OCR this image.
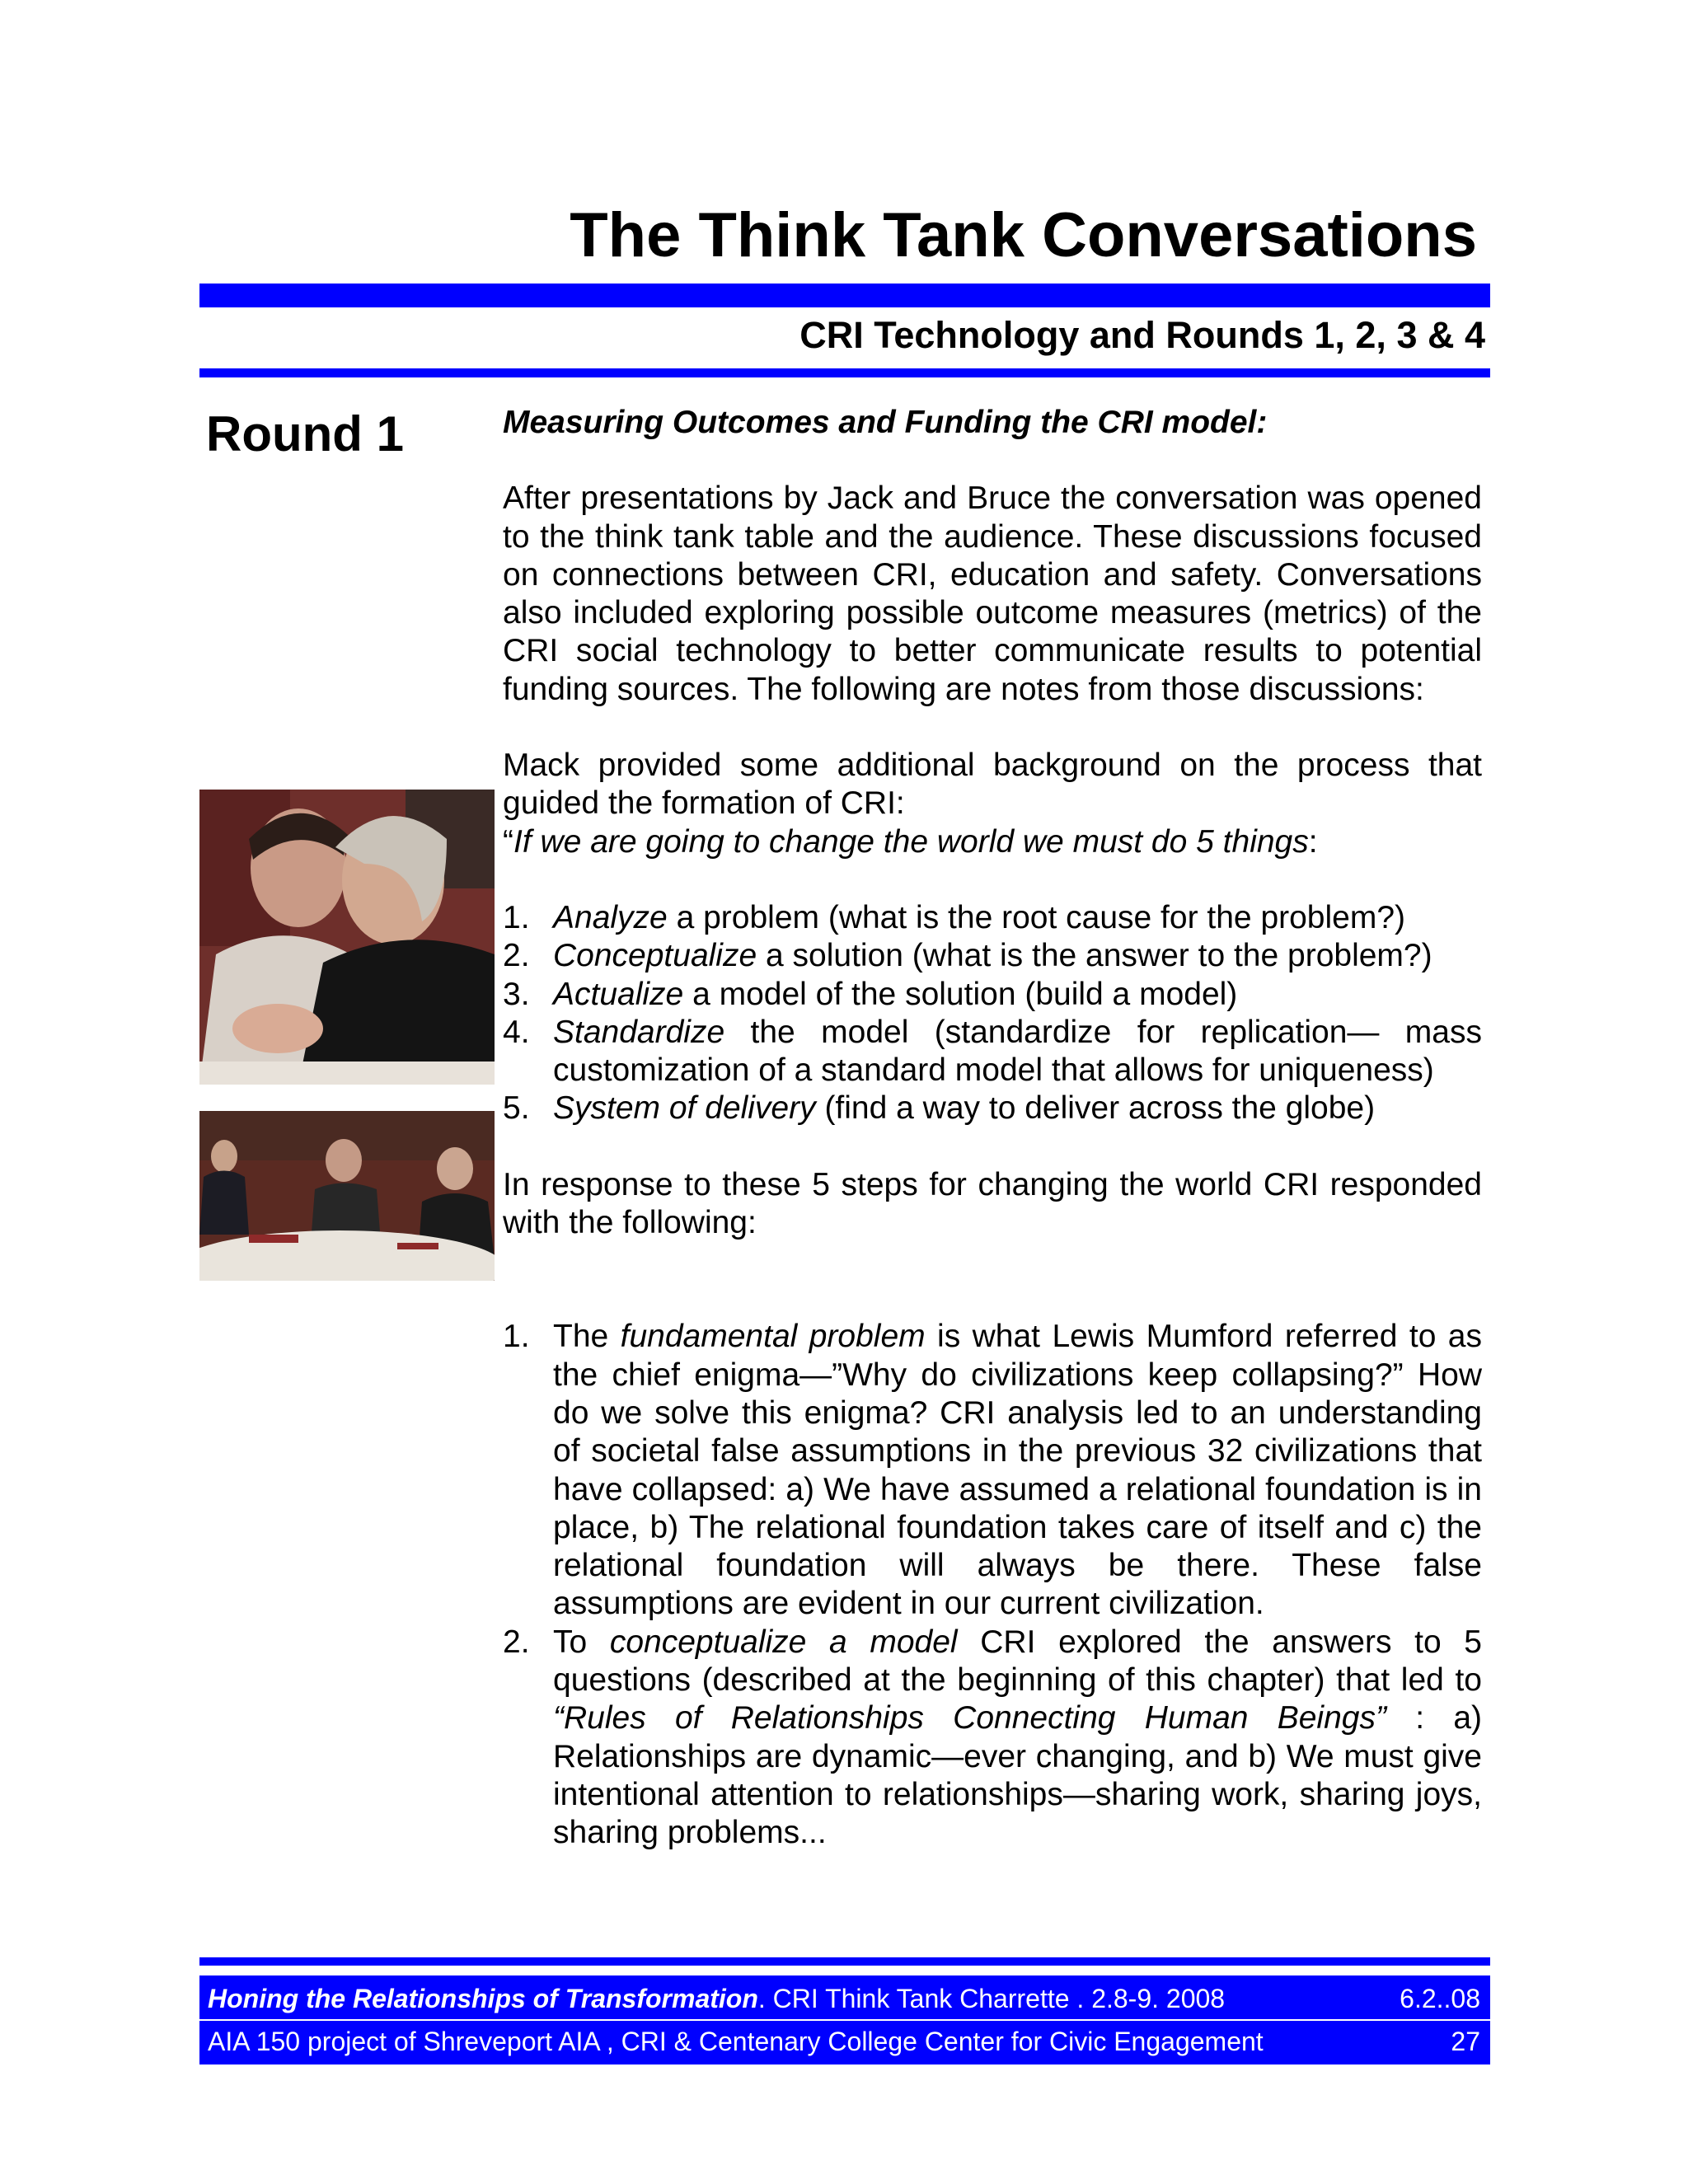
The Think Tank Conversations
CRI Technology and Rounds 1, 2, 3 & 4
Round 1	Measuring Outcomes and Funding the CRI model:

After presentations by Jack and Bruce the conversation was opened to the think tank table and the audience. These discussions focused on connections between CRI, education and safety. Conversations also included exploring possible outcome measures (metrics) of the CRI social technology to better communicate results to potential funding sources. The following are notes from those discussions:

Mack provided some additional background on the process that guided the formation of CRI:

“If we are going to change the world we must do 5 things:

1. Analyze a problem (what is the root cause for the problem?)
2. Conceptualize a solution (what is the answer to the problem?)
3. Actualize a model of the solution (build a model)
4. Standardize the model (standardize for replication— mass customization of a standard model that allows for uniqueness)
5. System of delivery (find a way to deliver across the globe)

In response to these 5 steps for changing the world CRI responded with the following:

1. The fundamental problem is what Lewis Mumford referred to as the chief enigma—”Why do civilizations keep collapsing?” How do we solve this enigma? CRI analysis led to an understanding of societal false assumptions in the previous 32 civilizations that have collapsed: a) We have assumed a relational foundation is in place, b) The relational foundation takes care of itself and c) the relational foundation will always be there. These false assumptions are evident in our current civilization.
2. To conceptualize a model CRI explored the answers to 5 questions (described at the beginning of this chapter) that led to “Rules of Relationships Connecting Human Beings” : a) Relationships are dynamic—ever changing, and b) We must give intentional attention to relationships—sharing work, sharing joys, sharing problems...
Honing the Relationships of Transformation. CRI Think Tank Charrette . 2.8-9. 2008	6.2..08
AIA 150 project of Shreveport AIA , CRI & Centenary College Center for Civic Engagement	27
